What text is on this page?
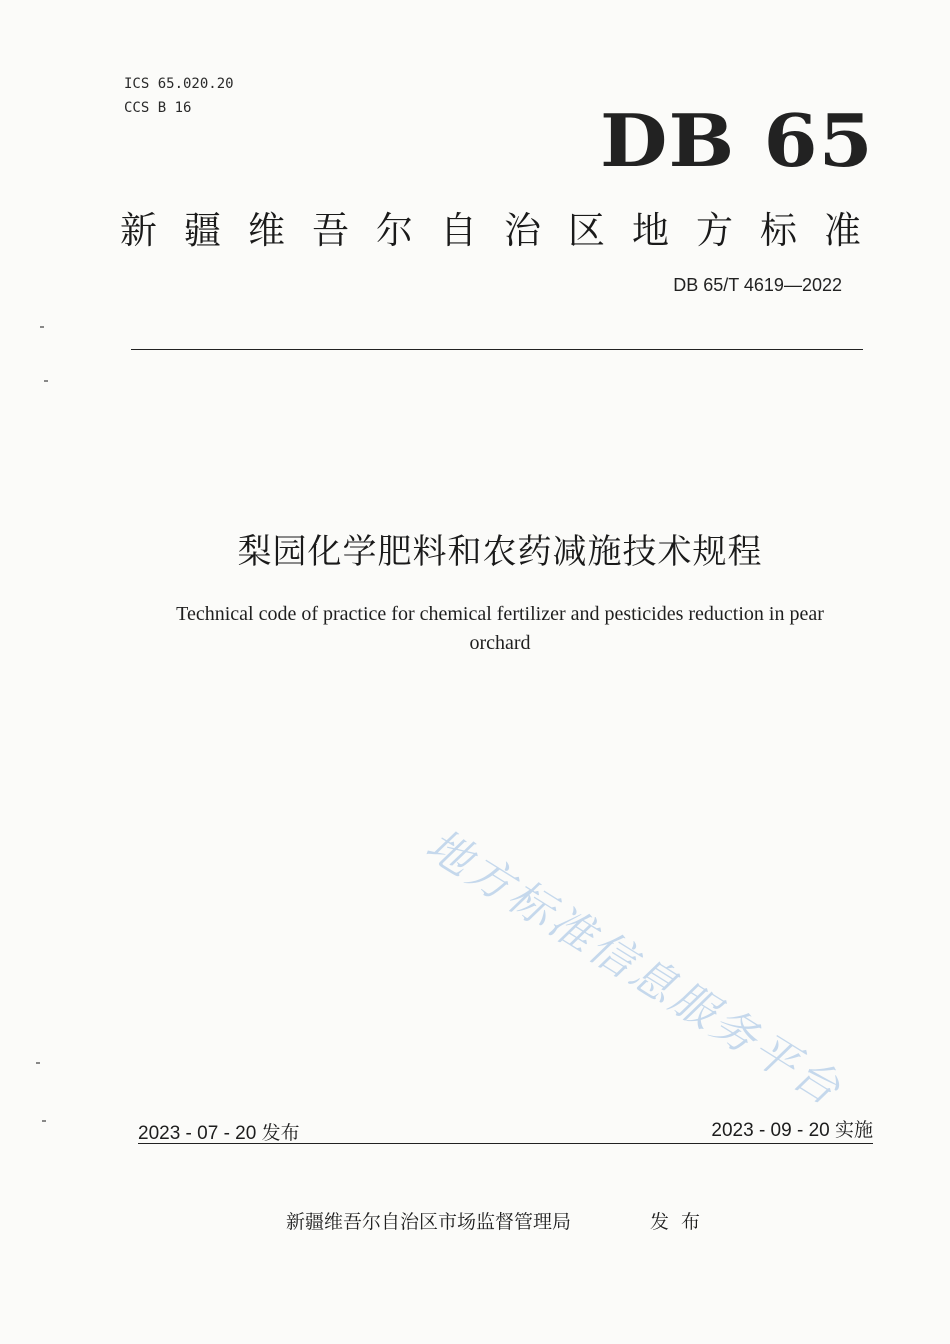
ICS 65.020.20
CCS B 16	DB 65
新疆维吾尔自治区地方标准
DB 65/T 4619—2022
梨园化学肥料和农药减施技术规程
Technical code of practice for chemical fertilizer and pesticides reduction in pear orchard
地方标准信息服务平台
2023 - 07 - 20 发布	2023 - 09 - 20 实施
新疆维吾尔自治区市场监督管理局	发布
